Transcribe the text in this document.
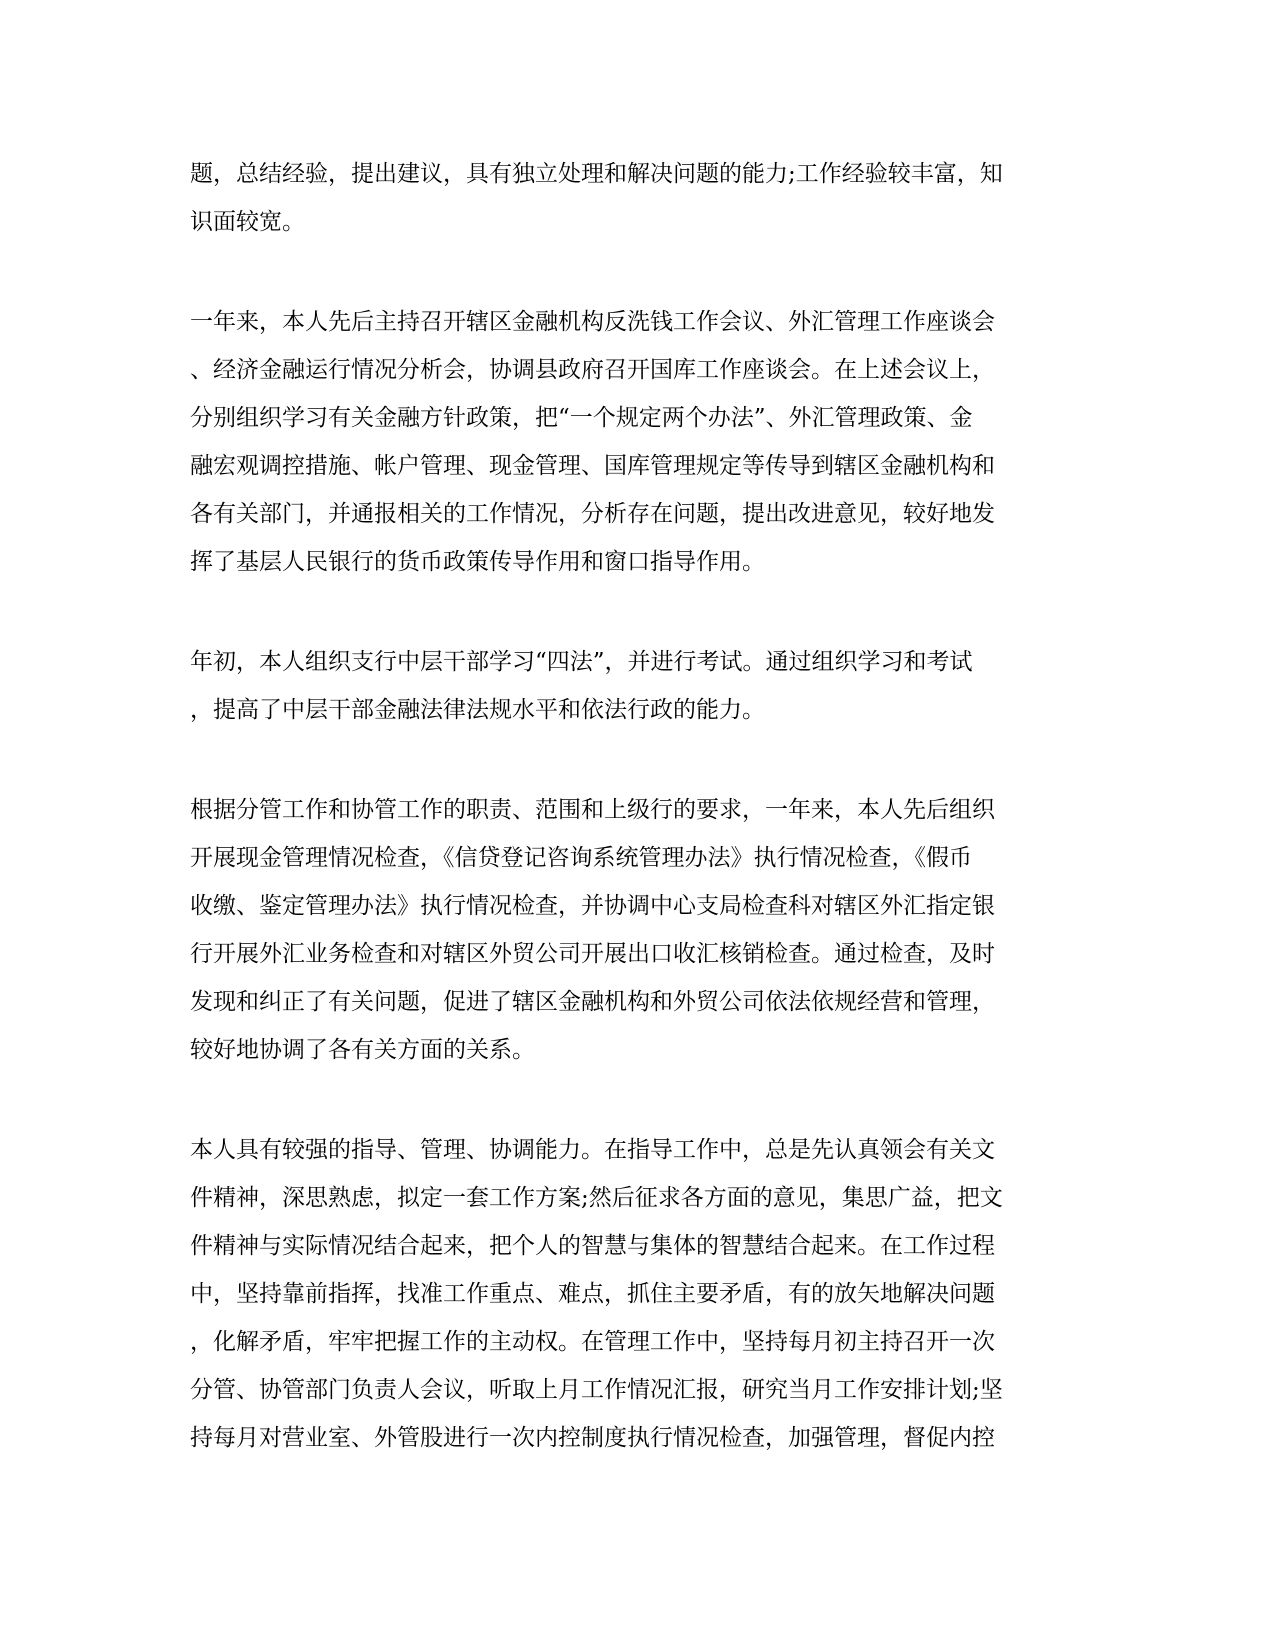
题，总结经验，提出建议，具有独立处理和解决问题的能力;工作经验较丰富，知
识面较宽。
一年来，本人先后主持召开辖区金融机构反洗钱工作会议、外汇管理工作座谈会
、经济金融运行情况分析会，协调县政府召开国库工作座谈会。在上述会议上，
分别组织学习有关金融方针政策，把“一个规定两个办法”、外汇管理政策、金
融宏观调控措施、帐户管理、现金管理、国库管理规定等传导到辖区金融机构和
各有关部门，并通报相关的工作情况，分析存在问题，提出改进意见，较好地发
挥了基层人民银行的货币政策传导作用和窗口指导作用。
年初，本人组织支行中层干部学习“四法”，并进行考试。通过组织学习和考试
，提高了中层干部金融法律法规水平和依法行政的能力。
根据分管工作和协管工作的职责、范围和上级行的要求，一年来，本人先后组织
开展现金管理情况检查，《信贷登记咨询系统管理办法》执行情况检查，《假币
收缴、鉴定管理办法》执行情况检查，并协调中心支局检查科对辖区外汇指定银
行开展外汇业务检查和对辖区外贸公司开展出口收汇核销检查。通过检查，及时
发现和纠正了有关问题，促进了辖区金融机构和外贸公司依法依规经营和管理，
较好地协调了各有关方面的关系。
本人具有较强的指导、管理、协调能力。在指导工作中，总是先认真领会有关文
件精神，深思熟虑，拟定一套工作方案;然后征求各方面的意见，集思广益，把文
件精神与实际情况结合起来，把个人的智慧与集体的智慧结合起来。在工作过程
中，坚持靠前指挥，找准工作重点、难点，抓住主要矛盾，有的放矢地解决问题
，化解矛盾，牢牢把握工作的主动权。在管理工作中，坚持每月初主持召开一次
分管、协管部门负责人会议，听取上月工作情况汇报，研究当月工作安排计划;坚
持每月对营业室、外管股进行一次内控制度执行情况检查，加强管理，督促内控
